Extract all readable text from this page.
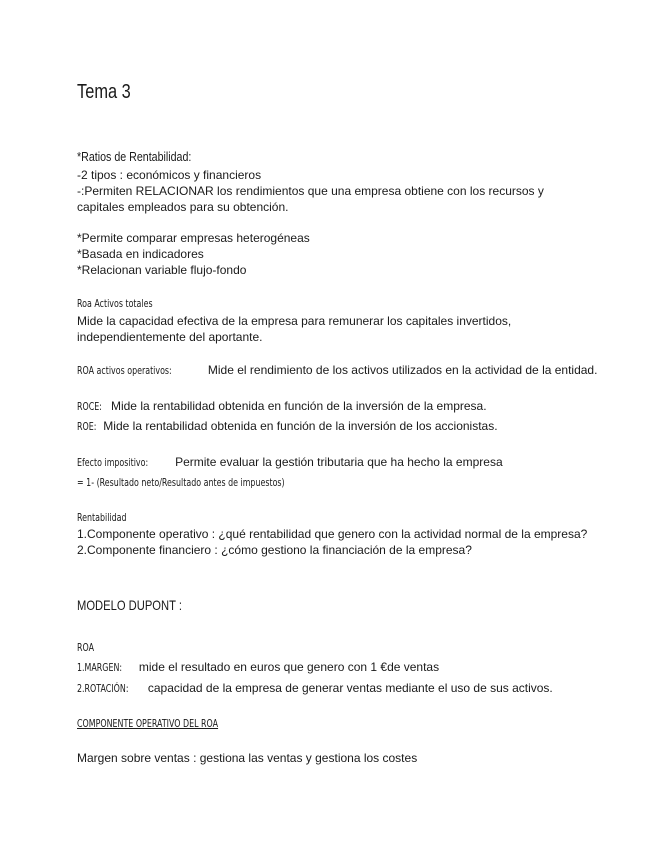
Tema 3
*Ratios de Rentabilidad:
-2 tipos : económicos y financieros
-:Permiten RELACIONAR los rendimientos que una empresa obtiene con los recursos y
capitales empleados para su obtención.
*Permite comparar empresas heterogéneas
*Basada en indicadores
*Relacionan variable flujo-fondo
Roa Activos totales
Mide la capacidad efectiva de la empresa para remunerar los capitales invertidos,
independientemente del aportante.
ROA activos operativos:	Mide el rendimiento de los activos utilizados en la actividad de la entidad.
ROCE: Mide la rentabilidad obtenida en función de la inversión de la empresa.
ROE: Mide la rentabilidad obtenida en función de la inversión de los accionistas.
Efecto impositivo: Permite evaluar la gestión tributaria que ha hecho la empresa
= 1- (Resultado neto/Resultado antes de impuestos)
Rentabilidad
1.Componente operativo : ¿qué rentabilidad que genero con la actividad normal de la empresa?
2.Componente financiero : ¿cómo gestiono la financiación de la empresa?
MODELO DUPONT :
ROA
1.MARGEN: mide el resultado en euros que genero con 1 €de ventas
2.ROTACIÓN: capacidad de la empresa de generar ventas mediante el uso de sus activos.
COMPONENTE OPERATIVO DEL ROA
Margen sobre ventas : gestiona las ventas y gestiona los costes
